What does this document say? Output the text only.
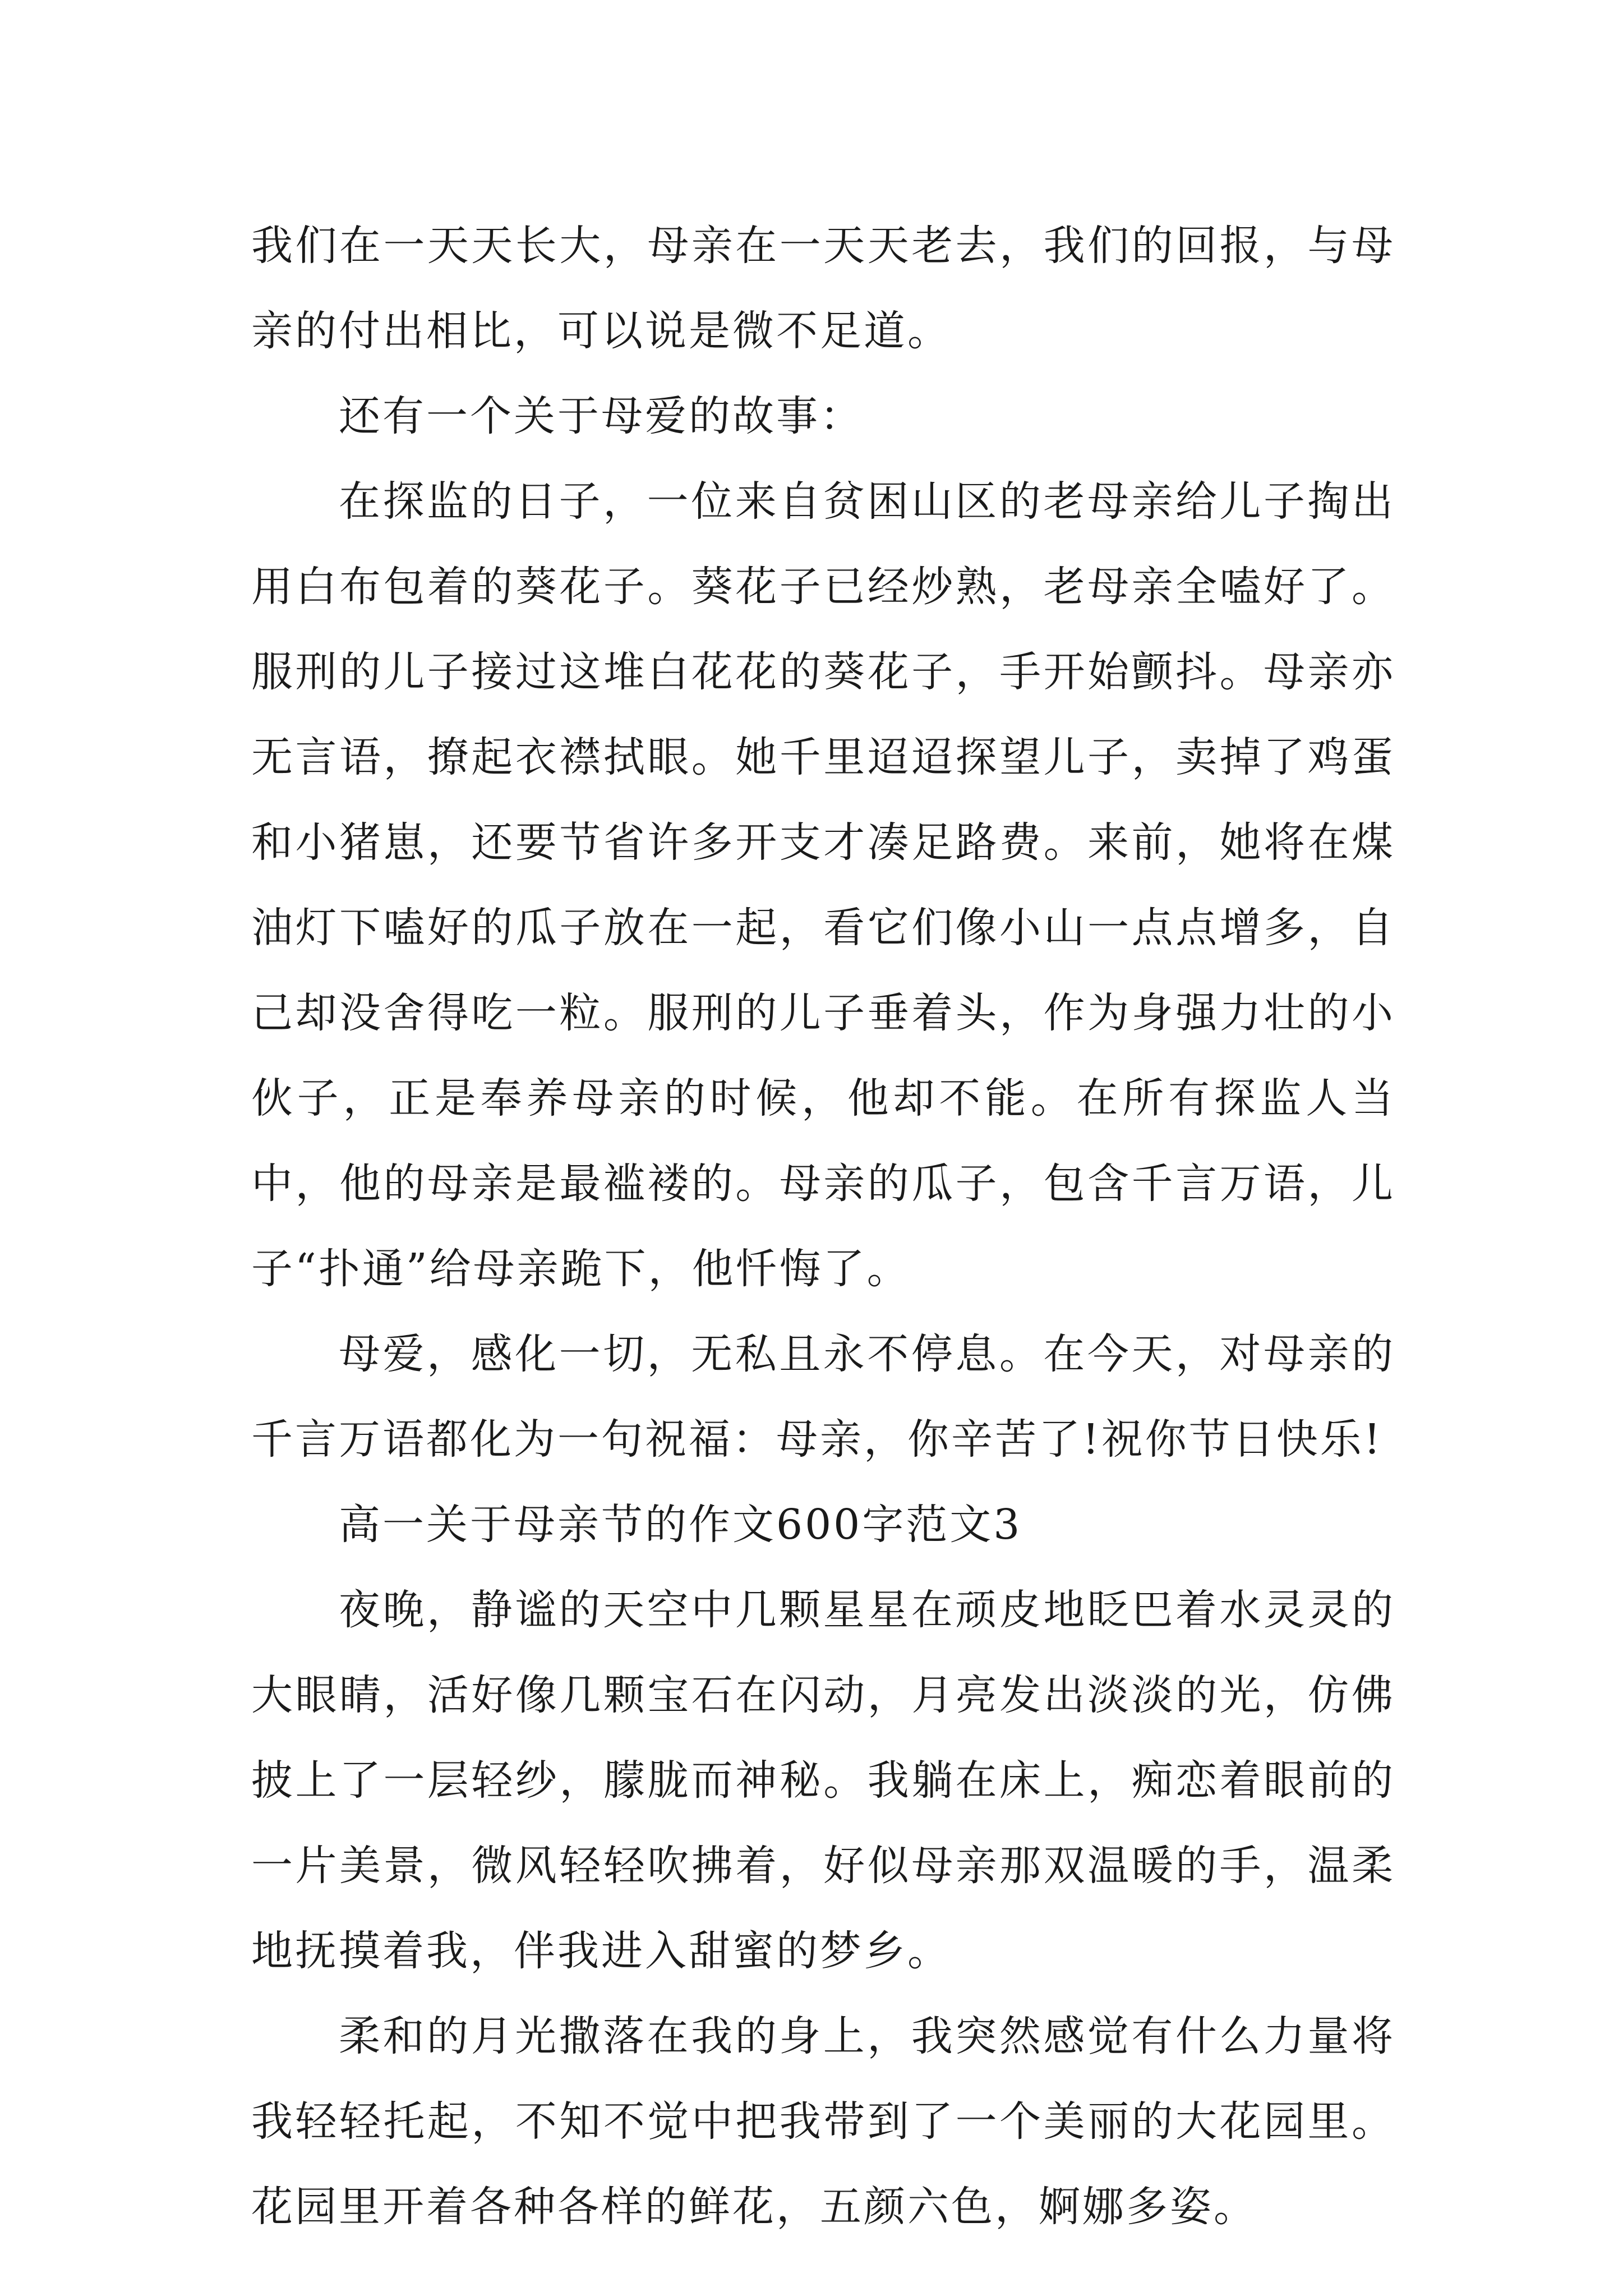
我们在一天天长大，母亲在一天天老去，我们的回报，与母亲的付出相比，可以说是微不足道。

还有一个关于母爱的故事：

在探监的日子，一位来自贫困山区的老母亲给儿子掏出用白布包着的葵花子。葵花子已经炒熟，老母亲全嗑好了。服刑的儿子接过这堆白花花的葵花子，手开始颤抖。母亲亦无言语，撩起衣襟拭眼。她千里迢迢探望儿子，卖掉了鸡蛋和小猪崽，还要节省许多开支才凑足路费。来前，她将在煤油灯下嗑好的瓜子放在一起，看它们像小山一点点增多，自己却没舍得吃一粒。服刑的儿子垂着头，作为身强力壮的小伙子，正是奉养母亲的时候，他却不能。在所有探监人当中，他的母亲是最褴褛的。母亲的瓜子，包含千言万语，儿子“扑通”给母亲跪下，他忏悔了。

母爱，感化一切，无私且永不停息。在今天，对母亲的千言万语都化为一句祝福：母亲，你辛苦了!祝你节日快乐!

高一关于母亲节的作文600字范文3

夜晚，静谧的天空中几颗星星在顽皮地眨巴着水灵灵的大眼睛，活好像几颗宝石在闪动，月亮发出淡淡的光，仿佛披上了一层轻纱，朦胧而神秘。我躺在床上，痴恋着眼前的一片美景，微风轻轻吹拂着，好似母亲那双温暖的手，温柔地抚摸着我，伴我进入甜蜜的梦乡。

柔和的月光撒落在我的身上，我突然感觉有什么力量将我轻轻托起，不知不觉中把我带到了一个美丽的大花园里。花园里开着各种各样的鲜花，五颜六色，婀娜多姿。
